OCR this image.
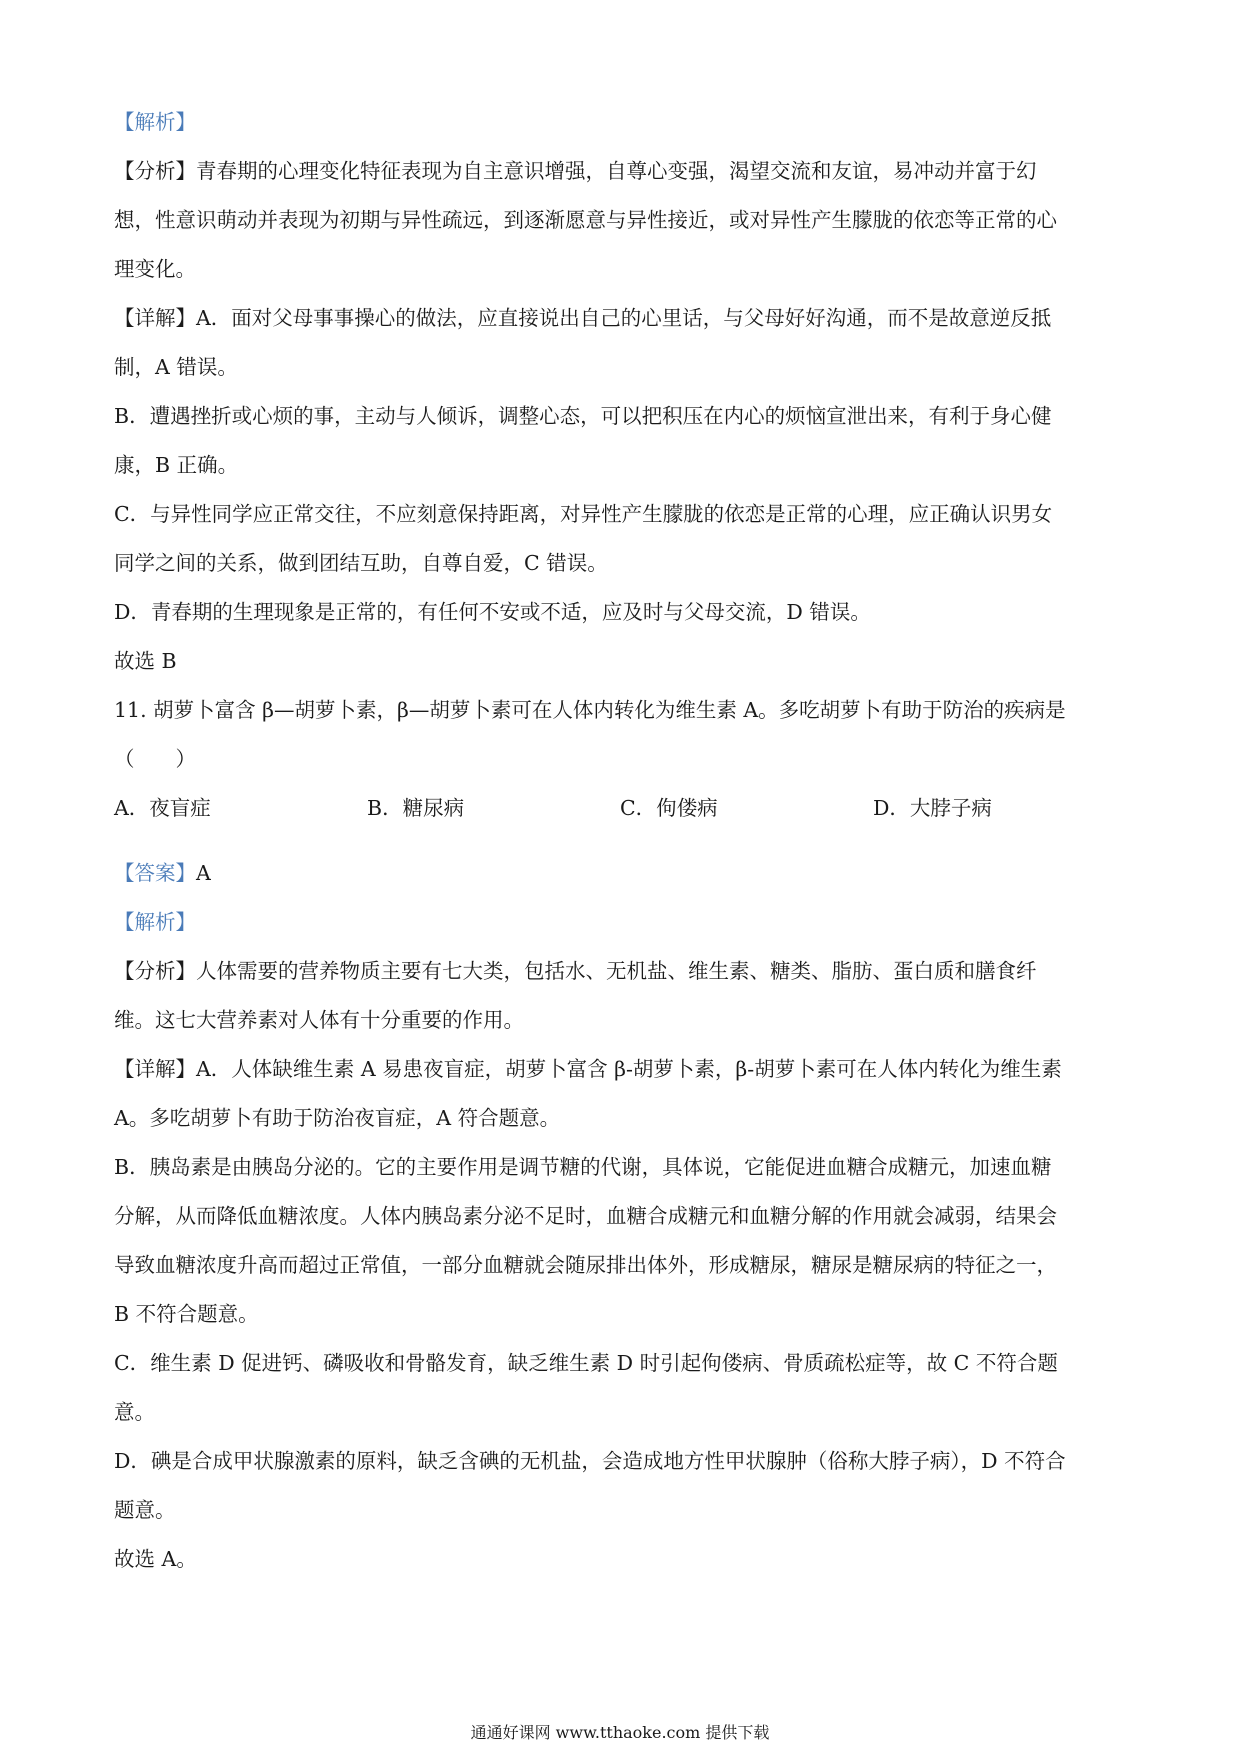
【解析】
【分析】青春期的心理变化特征表现为自主意识增强，自尊心变强，渴望交流和友谊，易冲动并富于幻
想，性意识萌动并表现为初期与异性疏远，到逐渐愿意与异性接近，或对异性产生朦胧的依恋等正常的心
理变化。
【详解】A．面对父母事事操心的做法，应直接说出自己的心里话，与父母好好沟通，而不是故意逆反抵
制，A 错误。
B．遭遇挫折或心烦的事，主动与人倾诉，调整心态，可以把积压在内心的烦恼宣泄出来，有利于身心健
康，B 正确。
C．与异性同学应正常交往，不应刻意保持距离，对异性产生朦胧的依恋是正常的心理，应正确认识男女
同学之间的关系，做到团结互助，自尊自爱，C 错误。
D．青春期的生理现象是正常的，有任何不安或不适，应及时与父母交流，D 错误。
故选 B
11. 胡萝卜富含 β—胡萝卜素，β—胡萝卜素可在人体内转化为维生素 A。多吃胡萝卜有助于防治的疾病是
（　　）
A．夜盲症	B．糖尿病	C．佝偻病	D．大脖子病
【答案】A
【解析】
【分析】人体需要的营养物质主要有七大类，包括水、无机盐、维生素、糖类、脂肪、蛋白质和膳食纤
维。这七大营养素对人体有十分重要的作用。
【详解】A．人体缺维生素 A 易患夜盲症，胡萝卜富含 β-胡萝卜素，β-胡萝卜素可在人体内转化为维生素
A。多吃胡萝卜有助于防治夜盲症，A 符合题意。
B．胰岛素是由胰岛分泌的。它的主要作用是调节糖的代谢，具体说，它能促进血糖合成糖元，加速血糖
分解，从而降低血糖浓度。人体内胰岛素分泌不足时，血糖合成糖元和血糖分解的作用就会减弱，结果会
导致血糖浓度升高而超过正常值，一部分血糖就会随尿排出体外，形成糖尿，糖尿是糖尿病的特征之一，
B 不符合题意。
C．维生素 D 促进钙、磷吸收和骨骼发育，缺乏维生素 D 时引起佝偻病、骨质疏松症等，故 C 不符合题
意。
D．碘是合成甲状腺激素的原料，缺乏含碘的无机盐，会造成地方性甲状腺肿（俗称大脖子病），D 不符合
题意。
故选 A。
通通好课网 www.tthaoke.com 提供下载
